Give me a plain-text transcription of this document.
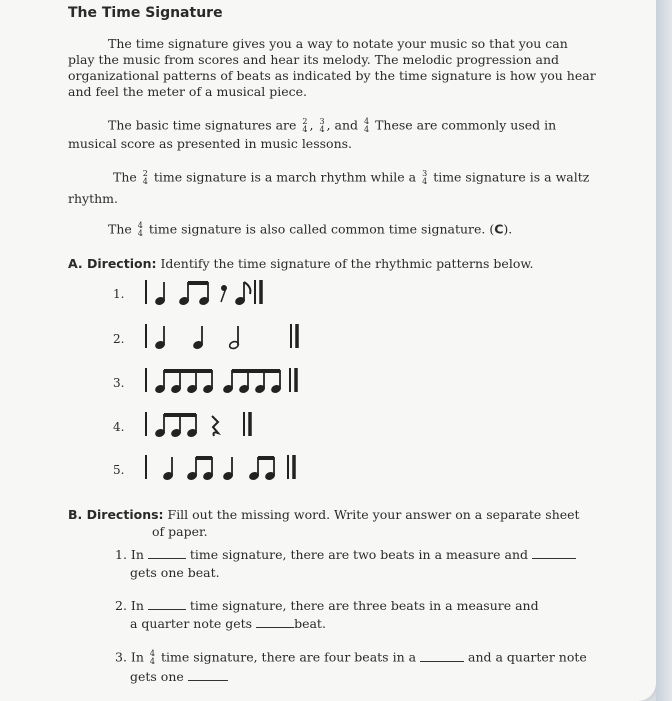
The Time Signature
The time signature gives you a way to notate your music so that you can
play the music from scores and hear its melody. The melodic progression and
organizational patterns of beats as indicated by the time signature is how you hear
and feel the meter of a musical piece.
The basic time signatures are 2
4 , 3
4 , and 4
4 These are commonly used in
musical score as presented in music lessons.
The 2
4 time signature is a march rhythm while a 3
4 time signature is a waltz
rhythm.
The 4
4 time signature is also called common time signature. (C).
A. Direction: Identify the time signature of the rhythmic patterns below.
1.
2.
3.
4.
5.
B. Directions: Fill out the missing word. Write your answer on a separate sheet
of paper.
1. In	time signature, there are two beats in a measure and
gets one beat.
2. In	time signature, there are three beats in a measure and
a quarter note gets	beat.
3. In 4
4 time signature, there are four beats in a	and a quarter note
gets one
